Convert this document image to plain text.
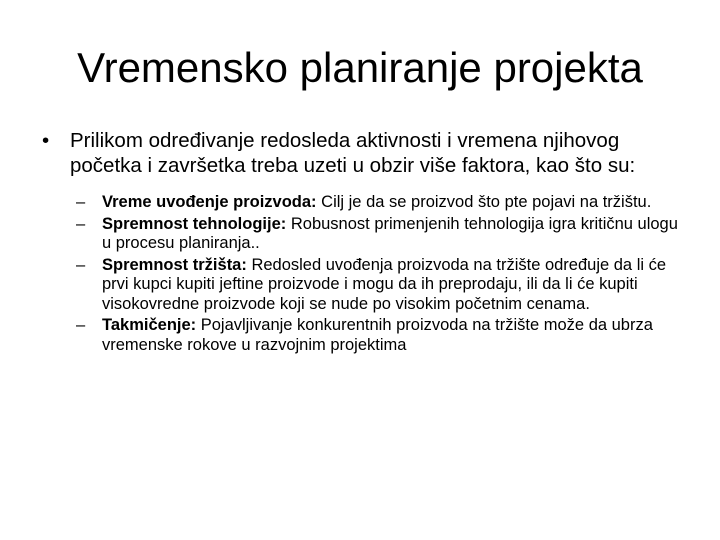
Vremensko planiranje projekta

• Prilikom određivanje redosleda aktivnosti i vremena njihovog početka i završetka treba uzeti u obzir više faktora, kao što su:

– Vreme uvođenje proizvoda: Cilj je da se proizvod što pte pojavi na tržištu.
– Spremnost tehnologije: Robusnost primenjenih tehnologija igra kritičnu ulogu u procesu planiranja..
– Spremnost tržišta: Redosled uvođenja proizvoda na tržište određuje da li će prvi kupci kupiti jeftine proizvode i mogu da ih preprodaju, ili da li će kupiti visokovredne proizvode koji se nude po visokim početnim cenama.
– Takmičenje: Pojavljivanje konkurentnih proizvoda na tržište može da ubrza vremenske rokove u razvojnim projektima
